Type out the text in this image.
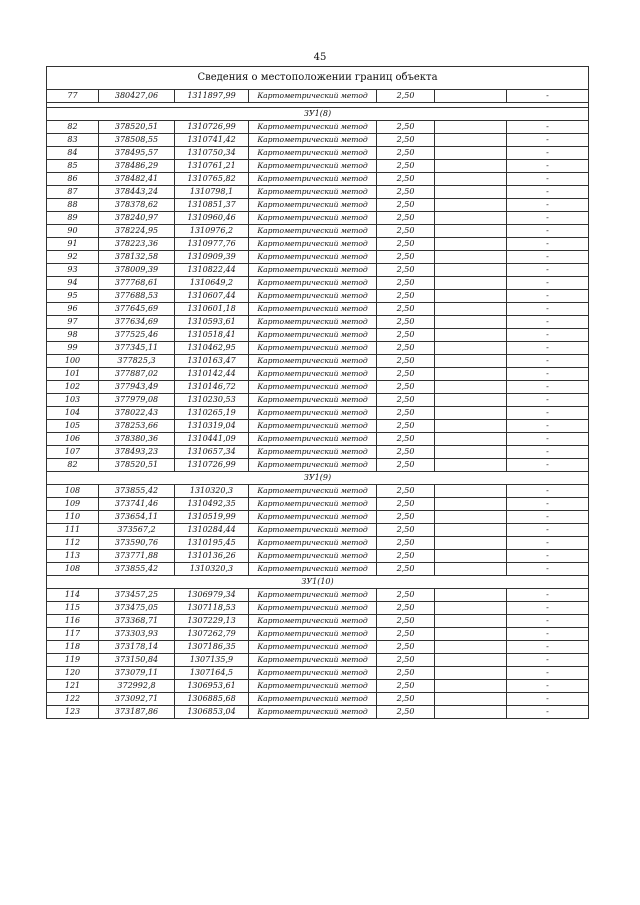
45
Сведения о местоположении границ объекта						
77	380427,06	1311897,99	Картометрический метод	2,50		-

ЗУ1(8)						
82	378520,51	1310726,99	Картометрический метод	2,50		-
83	378508,55	1310741,42	Картометрический метод	2,50		-
84	378495,57	1310750,34	Картометрический метод	2,50		-
85	378486,29	1310761,21	Картометрический метод	2,50		-
86	378482,41	1310765,82	Картометрический метод	2,50		-
87	378443,24	1310798,1	Картометрический метод	2,50		-
88	378378,62	1310851,37	Картометрический метод	2,50		-
89	378240,97	1310960,46	Картометрический метод	2,50		-
90	378224,95	1310976,2	Картометрический метод	2,50		-
91	378223,36	1310977,76	Картометрический метод	2,50		-
92	378132,58	1310909,39	Картометрический метод	2,50		-
93	378009,39	1310822,44	Картометрический метод	2,50		-
94	377768,61	1310649,2	Картометрический метод	2,50		-
95	377688,53	1310607,44	Картометрический метод	2,50		-
96	377645,69	1310601,18	Картометрический метод	2,50		-
97	377634,69	1310593,61	Картометрический метод	2,50		-
98	377525,46	1310518,41	Картометрический метод	2,50		-
99	377345,11	1310462,95	Картометрический метод	2,50		-
100	377825,3	1310163,47	Картометрический метод	2,50		-
101	377887,02	1310142,44	Картометрический метод	2,50		-
102	377943,49	1310146,72	Картометрический метод	2,50		-
103	377979,08	1310230,53	Картометрический метод	2,50		-
104	378022,43	1310265,19	Картометрический метод	2,50		-
105	378253,66	1310319,04	Картометрический метод	2,50		-
106	378380,36	1310441,09	Картометрический метод	2,50		-
107	378493,23	1310657,34	Картометрический метод	2,50		-
82	378520,51	1310726,99	Картометрический метод	2,50		-
ЗУ1(9)						
108	373855,42	1310320,3	Картометрический метод	2,50		-
109	373741,46	1310492,35	Картометрический метод	2,50		-
110	373654,11	1310519,99	Картометрический метод	2,50		-
111	373567,2	1310284,44	Картометрический метод	2,50		-
112	373590,76	1310195,45	Картометрический метод	2,50		-
113	373771,88	1310136,26	Картометрический метод	2,50		-
108	373855,42	1310320,3	Картометрический метод	2,50		-
ЗУ1(10)						
114	373457,25	1306979,34	Картометрический метод	2,50		-
115	373475,05	1307118,53	Картометрический метод	2,50		-
116	373368,71	1307229,13	Картометрический метод	2,50		-
117	373303,93	1307262,79	Картометрический метод	2,50		-
118	373178,14	1307186,35	Картометрический метод	2,50		-
119	373150,84	1307135,9	Картометрический метод	2,50		-
120	373079,11	1307164,5	Картометрический метод	2,50		-
121	372992,8	1306953,61	Картометрический метод	2,50		-
122	373092,71	1306885,68	Картометрический метод	2,50		-
123	373187,86	1306853,04	Картометрический метод	2,50		-
